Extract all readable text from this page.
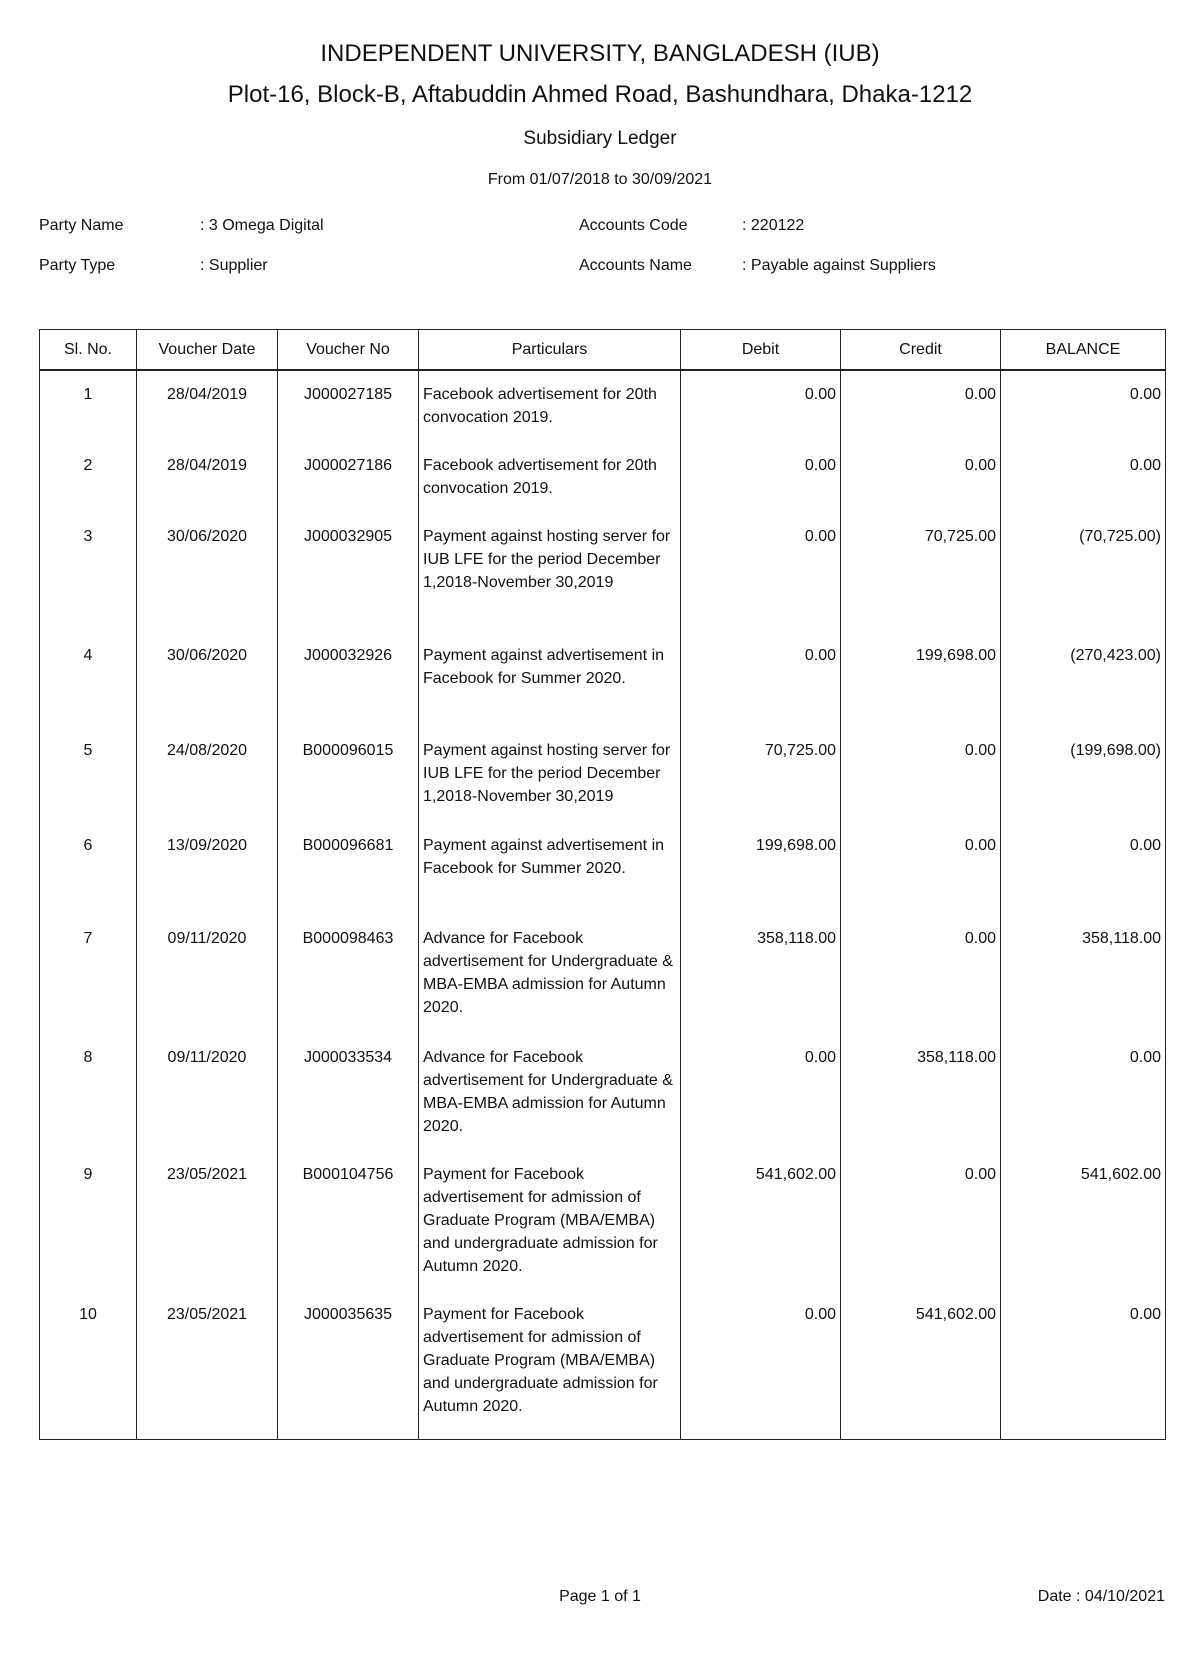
INDEPENDENT UNIVERSITY, BANGLADESH (IUB)
Plot-16, Block-B, Aftabuddin Ahmed Road, Bashundhara, Dhaka-1212
Subsidiary Ledger
From 01/07/2018 to 30/09/2021
Party Name	: 3 Omega Digital
Party Type	: Supplier
Accounts Code	: 220122
Accounts Name	: Payable against Suppliers
Sl. No.	Voucher Date	Voucher No	Particulars	Debit	Credit	BALANCE

1	28/04/2019	J000027185	Facebook advertisement for 20th convocation 2019.	0.00	0.00	0.00
2	28/04/2019	J000027186	Facebook advertisement for 20th convocation 2019.	0.00	0.00	0.00
3	30/06/2020	J000032905	Payment against hosting server for IUB LFE for the period December 1,2018-November 30,2019	0.00	70,725.00	(70,725.00)
4	30/06/2020	J000032926	Payment against advertisement in Facebook for Summer 2020.	0.00	199,698.00	(270,423.00)
5	24/08/2020	B000096015	Payment against hosting server for IUB LFE for the period December 1,2018-November 30,2019	70,725.00	0.00	(199,698.00)
6	13/09/2020	B000096681	Payment against advertisement in Facebook for Summer 2020.	199,698.00	0.00	0.00
7	09/11/2020	B000098463	Advance for Facebook advertisement for Undergraduate & MBA-EMBA admission for Autumn 2020.	358,118.00	0.00	358,118.00
8	09/11/2020	J000033534	Advance for Facebook advertisement for Undergraduate & MBA-EMBA admission for Autumn 2020.	0.00	358,118.00	0.00
9	23/05/2021	B000104756	Payment for Facebook advertisement for admission of Graduate Program (MBA/EMBA) and undergraduate admission for Autumn 2020.	541,602.00	0.00	541,602.00
10	23/05/2021	J000035635	Payment for Facebook advertisement for admission of Graduate Program (MBA/EMBA) and undergraduate admission for Autumn 2020.	0.00	541,602.00	0.00

Page 1 of 1	Date : 04/10/2021
